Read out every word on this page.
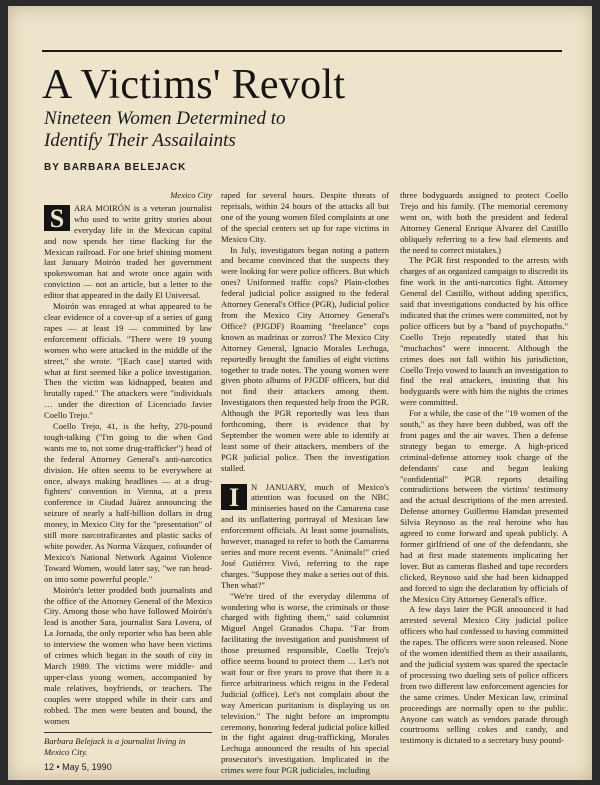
A Victims' Revolt
Nineteen Women Determined to Identify Their Assailaints
BY BARBARA BELEJACK
Mexico City

S	ARA MOIRÓN is a veteran journalist who used to write gritty stories about everyday life in the Mexican capital and now spends her time flacking for the Mexican railroad. For one brief shining moment last January Moirón traded her government spokeswoman hat and wrote once again with conviction — not an article, but a letter to the editor that appeared in the daily El Universal.

Moirón was enraged at what appeared to be clear evidence of a cover-up of a series of gang rapes — at least 19 — committed by law enforcement officials. "There were 19 young women who were attacked in the middle of the street," she wrote. "[Each case] started with what at first seemed like a police investigation. Then the victim was kidnapped, beaten and brutally raped." The attackers were "individuals … under the direction of Licenciado Javier Coello Trejo."

Coello Trejo, 41, is the hefty, 270-pound tough-talking ("I'm going to die when God wants me to, not some drug-trafficker") head of the federal Attorney General's anti-narcotics division. He often seems to be everywhere at once, always making headlines — at a drug-fighters' convention in Vienna, at a press conference in Ciudad Juárez announcing the seizure of nearly a half-billion dollars in drug money, in Mexico City for the "presentation" of still more narcotraficantes and plastic sacks of white powder. As Norma Vázquez, cofounder of Mexico's National Network Against Violence Toward Women, would later say, "we ran head-on into some powerful people."

Moirón's letter prodded both journalists and the office of the Attorney General of the Mexico City. Among those who have followed Moirón's lead is another Sara, journalist Sara Lovera, of La Jornada, the only reporter who has been able to interview the women who have been victims of crimes which began in the south of city in March 1989. The victims were middle- and upper-class young women, accompanied by male relatives, boyfriends, or teachers. The couples were stopped while in their cars and robbed. The men were beaten and bound, the women

raped for several hours. Despite threats of reprisals, within 24 hours of the attacks all but one of the young women filed complaints at one of the special centers set up for rape victims in Mexico City.

In July, investigators began noting a pattern and became convinced that the suspects they were looking for were police officers. But which ones? Uniformed traffic cops? Plain-clothes federal judicial police assigned to the federal Attorney General's Office (PGR), Judicial police from the Mexico City Attorney General's Office? (PJGDF) Roaming "freelance" cops known as madrinas or zorros? The Mexico City Attorney General, Ignacio Morales Lechuga, reportedly brought the families of eight victims together to trade notes. The young women were given photo albums of PJGDF officers, but did not find their attackers among them. Investigators then requested help from the PGR. Although the PGR reportedly was less than forthcoming, there is evidence that by September the women were able to identify at least some of their attackers, members of the PGR judicial police. Then the investigation stalled.

I	N JANUARY, much of Mexico's attention was focused on the NBC miniseries based on the Camarena case and its unflattering portrayal of Mexican law enforcement officials. At least some journalists, however, managed to refer to both the Camarena series and more recent events. "Animals!" cried José Gutiérrez Vivó, referring to the rape charges. "Suppose they make a series out of this. Then what?"

"We're tired of the everyday dilemma of wondering who is worse, the criminals or those charged with fighting them," said columnist Miguel Angel Granados Chapa. "Far from facilitating the investigation and punishment of those presumed responsible, Coello Trejo's office seems bound to protect them … Let's not wait four or five years to prove that there is a fierce arbitrariness which reigns in the Federal Judicial (office). Let's not complain about the way American puritanism is displaying us on television." The night before an impromptu ceremony, honoring federal judicial police killed in the fight against drug-trafficking, Morales Lechuga announced the results of his special prosecutor's investigation. Implicated in the crimes were four PGR judiciales, including

three bodyguards assigned to protect Coello Trejo and his family. (The memorial ceremony went on, with both the president and federal Attorney General Enrique Alvarez del Castillo obliquely referring to a few bad elements and the need to correct mistakes.)

The PGR first responded to the arrests with charges of an organized campaign to discredit its fine work in the anti-narcotics fight. Attorney General del Castillo, without adding specifics, said that investigations conducted by his office indicated that the crimes were committed, not by police officers but by a "band of psychopaths." Coello Trejo repeatedly stated that his "muchachos" were innocent. Although the crimes does not fall within his jurisdiction, Coello Trejo vowed to launch an investigation to find the real attackers, insisting that his bodyguards were with him the nights the crimes were committed.

For a while, the case of the "19 women of the south," as they have been dubbed, was off the front pages and the air waves. Then a defense strategy began to emerge. A high-priced criminal-defense attorney took charge of the defendants' case and began leaking "confidential" PGR reports detailing contradictions between the victims' testimony and the actual descriptions of the men arrested. Defense attorney Guillermo Hamdan presented Silvia Reynoso as the real heroine who has agreed to come forward and speak publicly. A former girlfriend of one of the defendants, she had at first made statements implicating her lover. But as cameras flashed and tape recorders clicked, Reynoso said she had been kidnapped and forced to sign the declaration by officials of the Mexico City Attorney General's office.

A few days later the PGR announced it had arrested several Mexico City judicial police officers who had confessed to having committed the rapes. The officers were soon released. None of the women identified them as their assailants, and the judicial system was spared the spectacle of processing two dueling sets of police officers from two different law enforcement agencies for the same crimes. Under Mexican law, criminal proceedings are normally open to the public. Anyone can watch as vendors parade through courtrooms selling cokes and candy, and testimony is dictated to a secretary busy pound-

Barbara Belejack is a journalist living in Mexico City.
12 • May 5, 1990
